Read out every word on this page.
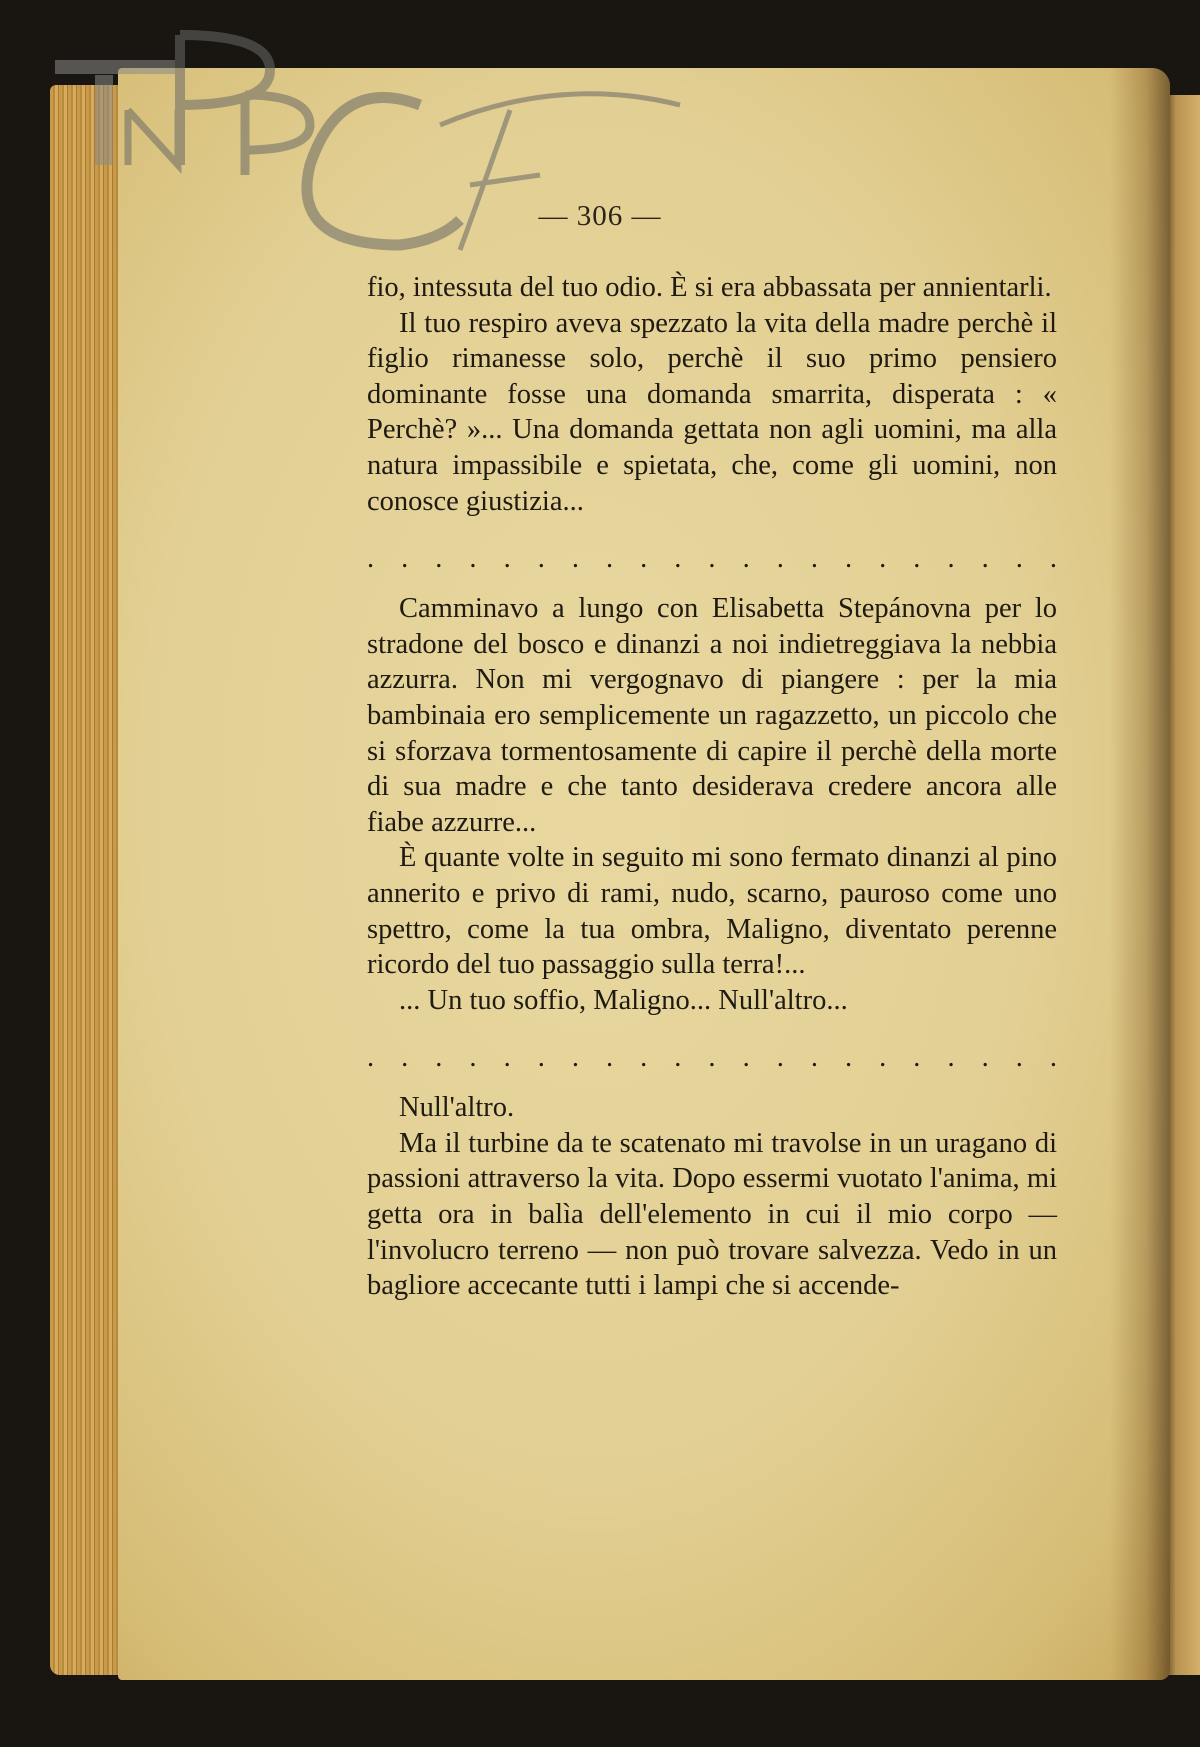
— 306 —

fio, intessuta del tuo odio. È si era abbassata per annientarli.

Il tuo respiro aveva spezzato la vita della madre perchè il figlio rimanesse solo, perchè il suo primo pensiero dominante fosse una domanda smarrita, disperata : « Perchè? »... Una domanda gettata non agli uomini, ma alla natura impassibile e spietata, che, come gli uomini, non conosce giustizia...

. . . . . . . . . . . . . . . . . . . . .

Camminavo a lungo con Elisabetta Stepánovna per lo stradone del bosco e dinanzi a noi indietreggiava la nebbia azzurra. Non mi vergognavo di piangere : per la mia bambinaia ero semplicemente un ragazzetto, un piccolo che si sforzava tormentosamente di capire il perchè della morte di sua madre e che tanto desiderava credere ancora alle fiabe azzurre...

È quante volte in seguito mi sono fermato dinanzi al pino annerito e privo di rami, nudo, scarno, pauroso come uno spettro, come la tua ombra, Maligno, diventato perenne ricordo del tuo passaggio sulla terra!...

... Un tuo soffio, Maligno... Null'altro...

. . . . . . . . . . . . . . . . . . . . .

Null'altro.

Ma il turbine da te scatenato mi travolse in un uragano di passioni attraverso la vita. Dopo essermi vuotato l'anima, mi getta ora in balìa dell'elemento in cui il mio corpo — l'involucro terreno — non può trovare salvezza. Vedo in un bagliore accecante tutti i lampi che si accende-
